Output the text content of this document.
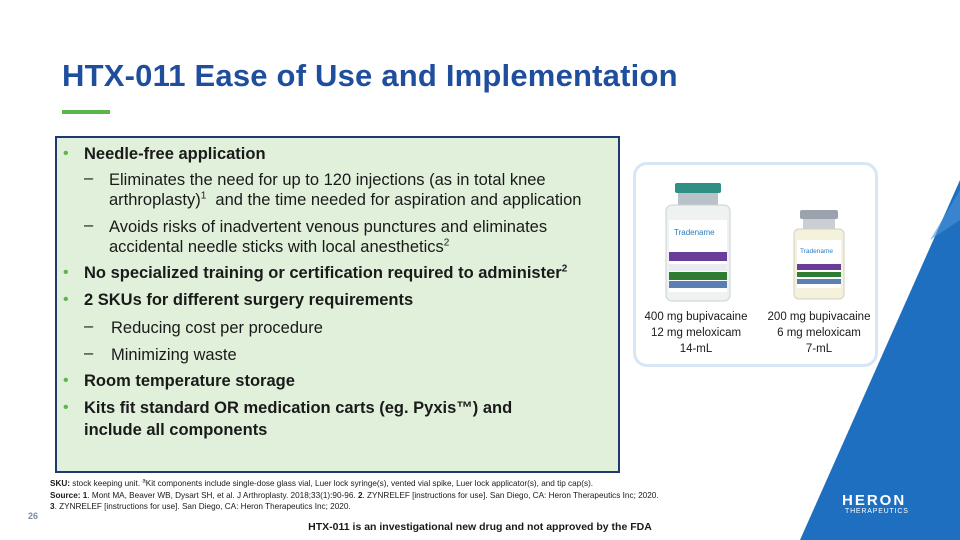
HTX-011 Ease of Use and Implementation
• Needle-free application
– Eliminates the need for up to 120 injections (as in total knee
arthroplasty)$^1$  and the time needed for aspiration and application
– Avoids risks of inadvertent venous punctures and eliminates
accidental needle sticks with local anesthetics$^2$
• No specialized training or certification required to administer$^2$
• 2 SKUs for different surgery requirements
– Reducing cost per procedure
– Minimizing waste
• Room temperature storage
• Kits fit standard OR medication carts (eg. Pyxis™) and
include all components
Tradename
Tradename
400 mg bupivacaine
12 mg meloxicam
14-mL
200 mg bupivacaine
6 mg meloxicam
7-mL
SKU: stock keeping unit. $^a$Kit components include single-dose glass vial, Luer lock syringe(s), vented vial spike, Luer lock applicator(s), and tip cap(s).
Source: 1. Mont MA, Beaver WB, Dysart SH, et al. J Arthroplasty. 2018;33(1):90-96. 2. ZYNRELEF [instructions for use]. San Diego, CA: Heron Therapeutics Inc; 2020.
3. ZYNRELEF [instructions for use]. San Diego, CA: Heron Therapeutics Inc; 2020.
26
HTX-011 is an investigational new drug and not approved by the FDA
HERON
THERAPEUTICS
